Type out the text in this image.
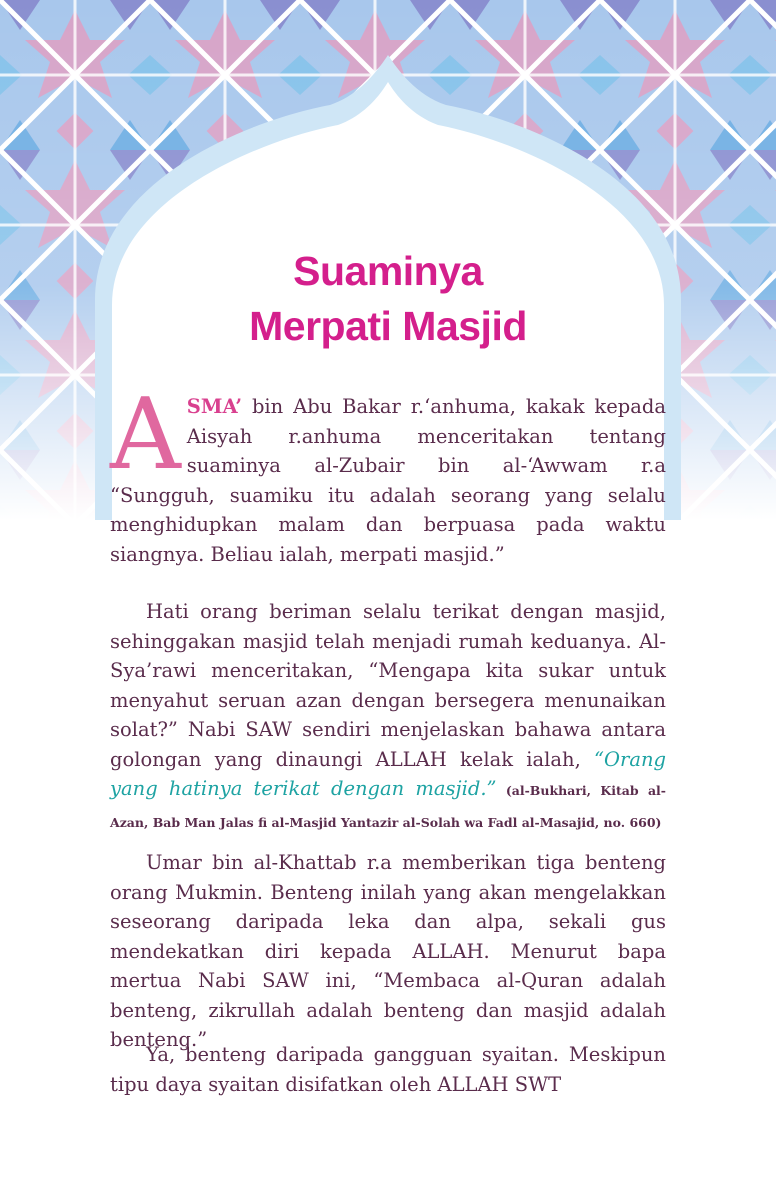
Suaminya
Merpati Masjid

ASMA’ bin Abu Bakar r.‘anhuma, kakak kepada Aisyah r.anhuma menceritakan tentang suaminya al-Zubair bin al-‘Awwam r.a “Sungguh, suamiku itu adalah seorang yang selalu menghidupkan malam dan berpuasa pada waktu siangnya. Beliau ialah, merpati masjid.”

Hati orang beriman selalu terikat dengan masjid, sehinggakan masjid telah menjadi rumah keduanya. Al-Sya’rawi menceritakan, “Mengapa kita sukar untuk menyahut seruan azan dengan bersegera menunaikan solat?” Nabi SAW sendiri menjelaskan bahawa antara golongan yang dinaungi ALLAH kelak ialah, “Orang yang hatinya terikat dengan masjid.” (al-Bukhari, Kitab al-Azan, Bab Man Jalas fi al-Masjid Yantazir al-Solah wa Fadl al-Masajid, no. 660)

Umar bin al-Khattab r.a memberikan tiga benteng orang Mukmin. Benteng inilah yang akan mengelakkan seseorang daripada leka dan alpa, sekali gus mendekatkan diri kepada ALLAH. Menurut bapa mertua Nabi SAW ini, “Membaca al-Quran adalah benteng, zikrullah adalah benteng dan masjid adalah benteng.”

Ya, benteng daripada gangguan syaitan. Meskipun tipu daya syaitan disifatkan oleh ALLAH SWT
